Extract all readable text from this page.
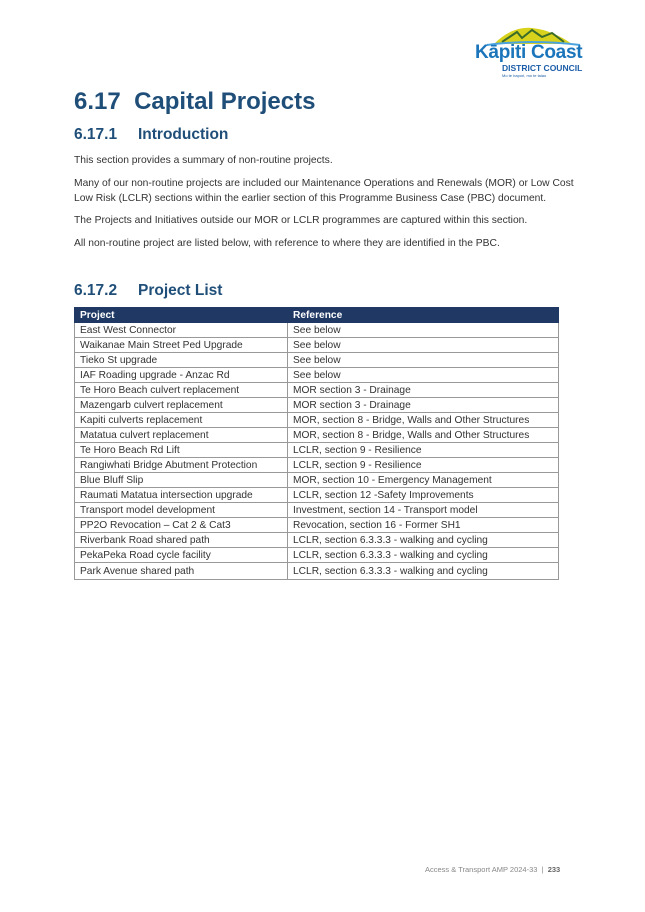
Kāpiti Coast
DISTRICT COUNCIL
Mo te hapori, mo te taiao
6.17 Capital Projects
6.17.1 Introduction

This section provides a summary of non-routine projects.

Many of our non-routine projects are included our Maintenance Operations and Renewals (MOR) or Low Cost Low Risk (LCLR) sections within the earlier section of this Programme Business Case (PBC) document.

The Projects and Initiatives outside our MOR or LCLR programmes are captured within this section.

All non-routine project are listed below, with reference to where they are identified in the PBC.

6.17.2 Project List
Project	Reference
East West Connector	See below
Waikanae Main Street Ped Upgrade	See below
Tieko St upgrade	See below
IAF Roading upgrade - Anzac Rd	See below
Te Horo Beach culvert replacement	MOR section 3 - Drainage
Mazengarb culvert replacement	MOR section 3 - Drainage
Kapiti culverts replacement	MOR, section 8 - Bridge, Walls and Other Structures
Matatua culvert replacement	MOR, section 8 - Bridge, Walls and Other Structures
Te Horo Beach Rd Lift	LCLR, section 9 - Resilience
Rangiwhati Bridge Abutment Protection	LCLR, section 9 - Resilience
Blue Bluff Slip	MOR, section 10 - Emergency Management
Raumati Matatua intersection upgrade	LCLR, section 12 -Safety Improvements
Transport model development	Investment, section 14 - Transport model
PP2O Revocation – Cat 2 & Cat3	Revocation, section 16 - Former SH1
Riverbank Road shared path	LCLR, section 6.3.3.3 - walking and cycling
PekaPeka Road cycle facility	LCLR, section 6.3.3.3 - walking and cycling
Park Avenue shared path	LCLR, section 6.3.3.3 - walking and cycling
Access & Transport AMP 2024-33 | 233
